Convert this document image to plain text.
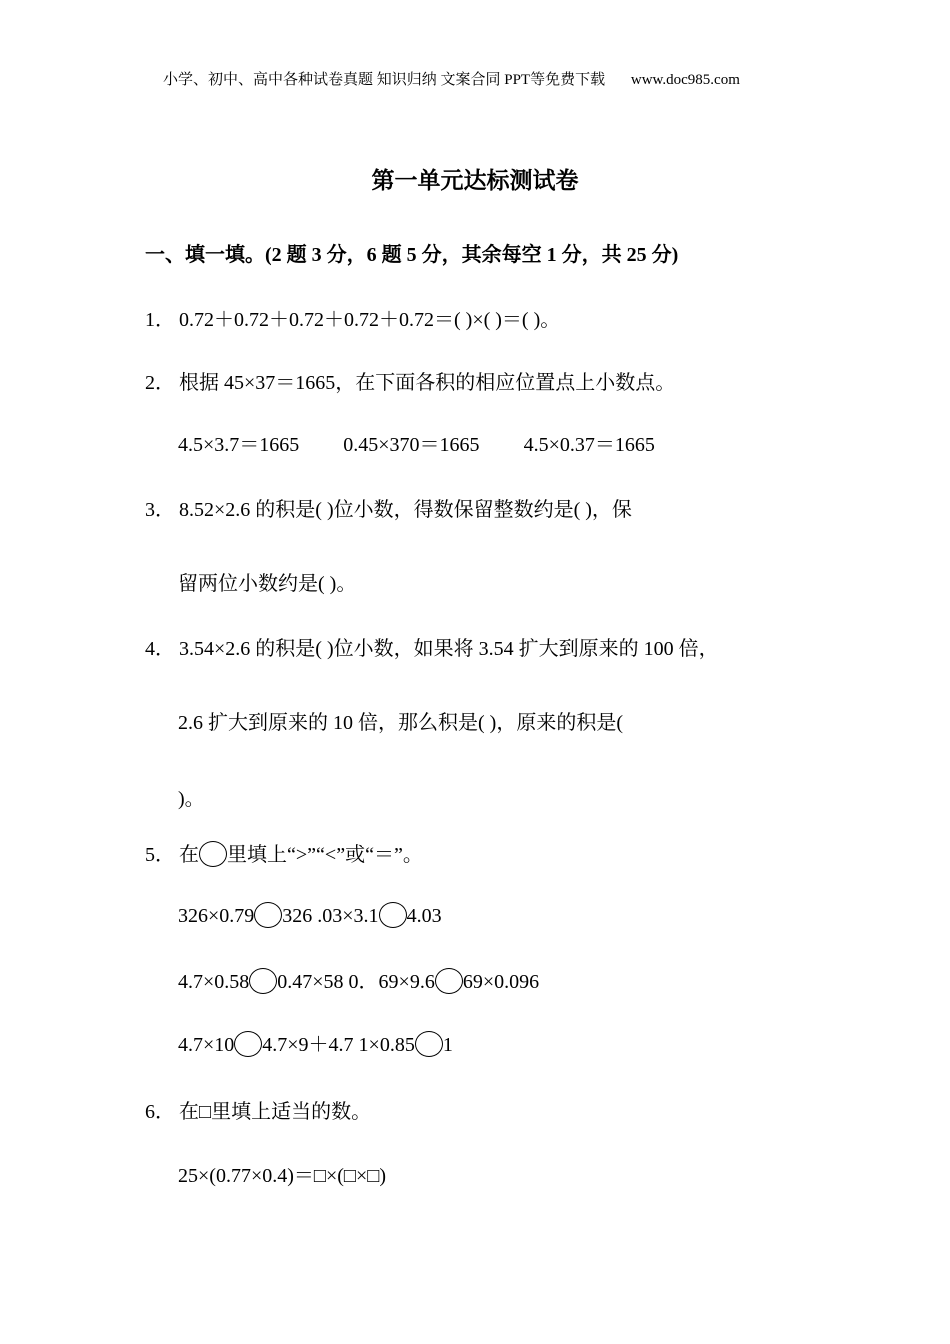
小学、初中、高中各种试卷真题 知识归纳 文案合同 PPT等免费下载 www.doc985.com
第一单元达标测试卷
一、填一填。(2 题 3 分，6 题 5 分，其余每空 1 分，共 25 分)
1． 0.72＋0.72＋0.72＋0.72＋0.72＝( )×( )＝( )。
2． 根据 45×37＝1665，在下面各积的相应位置点上小数点。
4.5×3.7＝1665 0.45×370＝1665 4.5×0.37＝1665
3． 8.52×2.6 的积是( )位小数，得数保留整数约是( )，保
留两位小数约是( )。
4． 3.54×2.6 的积是( )位小数，如果将 3.54 扩大到原来的 100 倍，
2.6 扩大到原来的 10 倍，那么积是( )，原来的积是(
)。
5． 在 里填上“>”“<”或“＝”。
326×0.79 326 .03×3.1 4.03
4.7×0.58 0.47×58 0．69×9.6 69×0.096
4.7×10 4.7×9＋4.7 1×0.85 1
6． 在□里填上适当的数。
25×(0.77×0.4)＝□×(□×□)
